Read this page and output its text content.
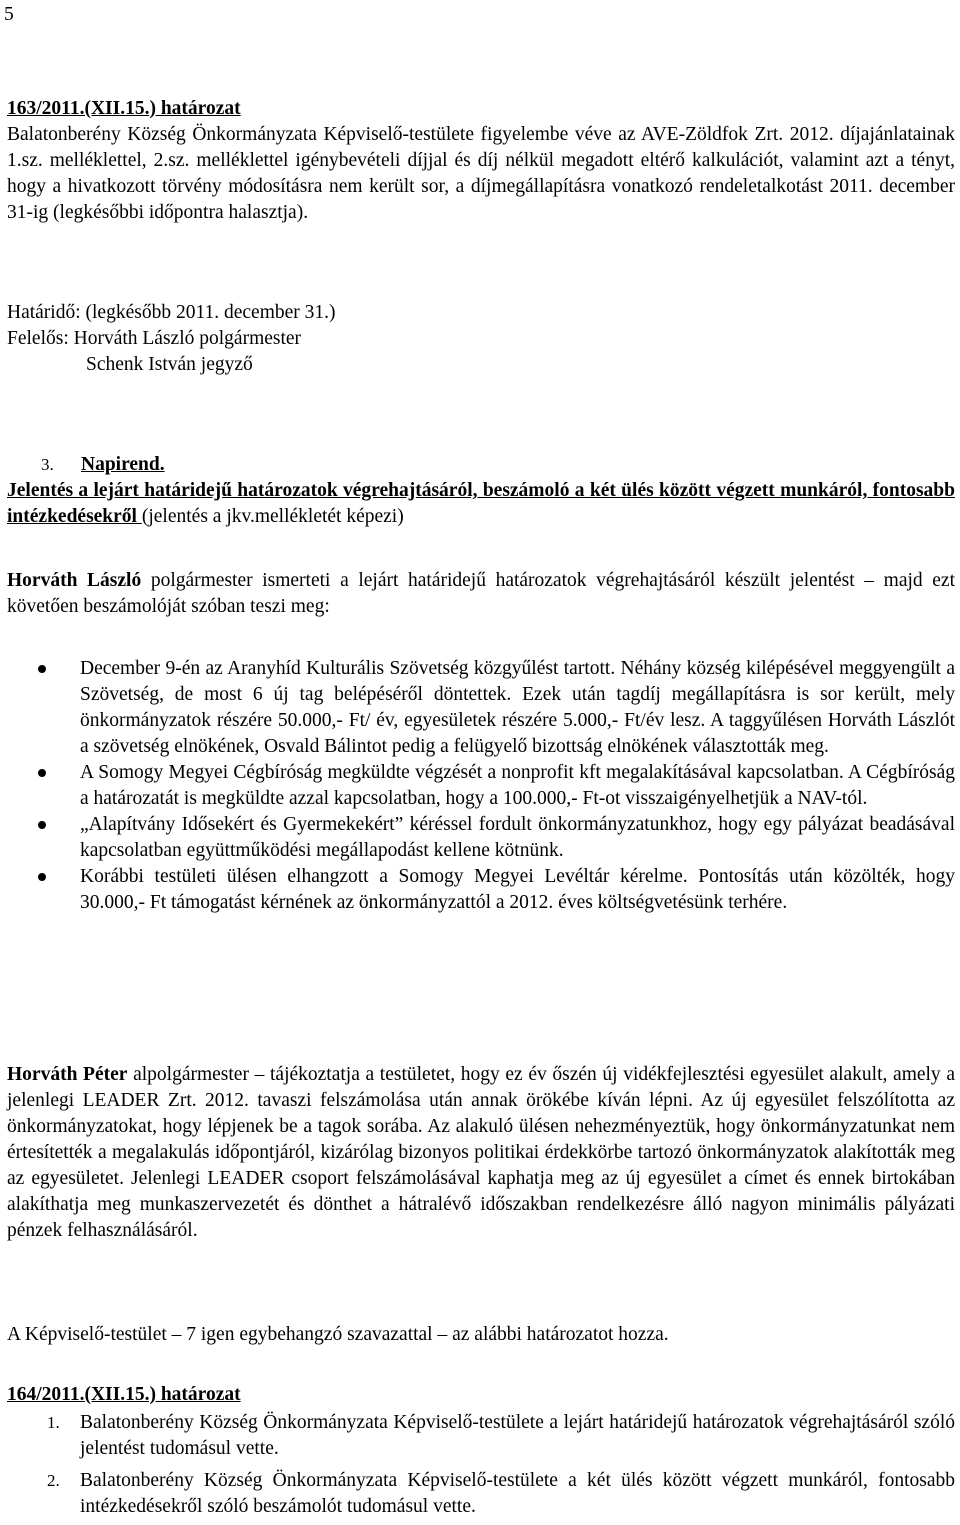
5

163/2011.(XII.15.) határozat

Balatonberény Község Önkormányzata Képviselő-testülete figyelembe véve az AVE-Zöldfok Zrt. 2012. díjajánlatainak 1.sz. melléklettel, 2.sz. melléklettel igénybevételi díjjal és díj nélkül megadott eltérő kalkulációt, valamint azt a tényt, hogy a hivatkozott törvény módosításra nem került sor, a díjmegállapításra vonatkozó rendeletalkotást 2011. december 31-ig (legkésőbbi időpontra halasztja).

Határidő: (legkésőbb 2011. december 31.)

Felelős: Horváth László polgármester

Schenk István jegyző

3. Napirend.

Jelentés a lejárt határidejű határozatok végrehajtásáról, beszámoló a két ülés között végzett munkáról, fontosabb intézkedésekről (jelentés a jkv.mellékletét képezi)

Horváth László polgármester ismerteti a lejárt határidejű határozatok végrehajtásáról készült jelentést – majd ezt követően beszámolóját szóban teszi meg:

December 9-én az Aranyhíd Kulturális Szövetség közgyűlést tartott. Néhány község kilépésével meggyengült a Szövetség, de most 6 új tag belépéséről döntettek. Ezek után tagdíj megállapításra is sor került, mely önkormányzatok részére 50.000,- Ft/ év, egyesületek részére 5.000,- Ft/év lesz. A taggyűlésen Horváth Lászlót a szövetség elnökének, Osvald Bálintot pedig a felügyelő bizottság elnökének választották meg.
A Somogy Megyei Cégbíróság megküldte végzését a nonprofit kft megalakításával kapcsolatban. A Cégbíróság a határozatát is megküldte azzal kapcsolatban, hogy a 100.000,- Ft-ot visszaigényelhetjük a NAV-tól.
„Alapítvány Idősekért és Gyermekekért” kéréssel fordult önkormányzatunkhoz, hogy egy pályázat beadásával kapcsolatban együttműködési megállapodást kellene kötnünk.
Korábbi testületi ülésen elhangzott a Somogy Megyei Levéltár kérelme. Pontosítás után közölték, hogy 30.000,- Ft támogatást kérnének az önkormányzattól a 2012. éves költségvetésünk terhére.

Horváth Péter alpolgármester – tájékoztatja a testületet, hogy ez év őszén új vidékfejlesztési egyesület alakult, amely a jelenlegi LEADER Zrt. 2012. tavaszi felszámolása után annak örökébe kíván lépni. Az új egyesület felszólította az önkormányzatokat, hogy lépjenek be a tagok sorába. Az alakuló ülésen nehezményeztük, hogy önkormányzatunkat nem értesítették a megalakulás időpontjáról, kizárólag bizonyos politikai érdekkörbe tartozó önkormányzatok alakították meg az egyesületet. Jelenlegi LEADER csoport felszámolásával kaphatja meg az új egyesület a címet és ennek birtokában alakíthatja meg munkaszervezetét és dönthet a hátralévő időszakban rendelkezésre álló nagyon minimális pályázati pénzek felhasználásáról.

A Képviselő-testület – 7 igen egybehangzó szavazattal – az alábbi határozatot hozza.

164/2011.(XII.15.) határozat

1. Balatonberény Község Önkormányzata Képviselő-testülete a lejárt határidejű határozatok végrehajtásáról szóló jelentést tudomásul vette.
2. Balatonberény Község Önkormányzata Képviselő-testülete a két ülés között végzett munkáról, fontosabb intézkedésekről szóló beszámolót tudomásul vette.
